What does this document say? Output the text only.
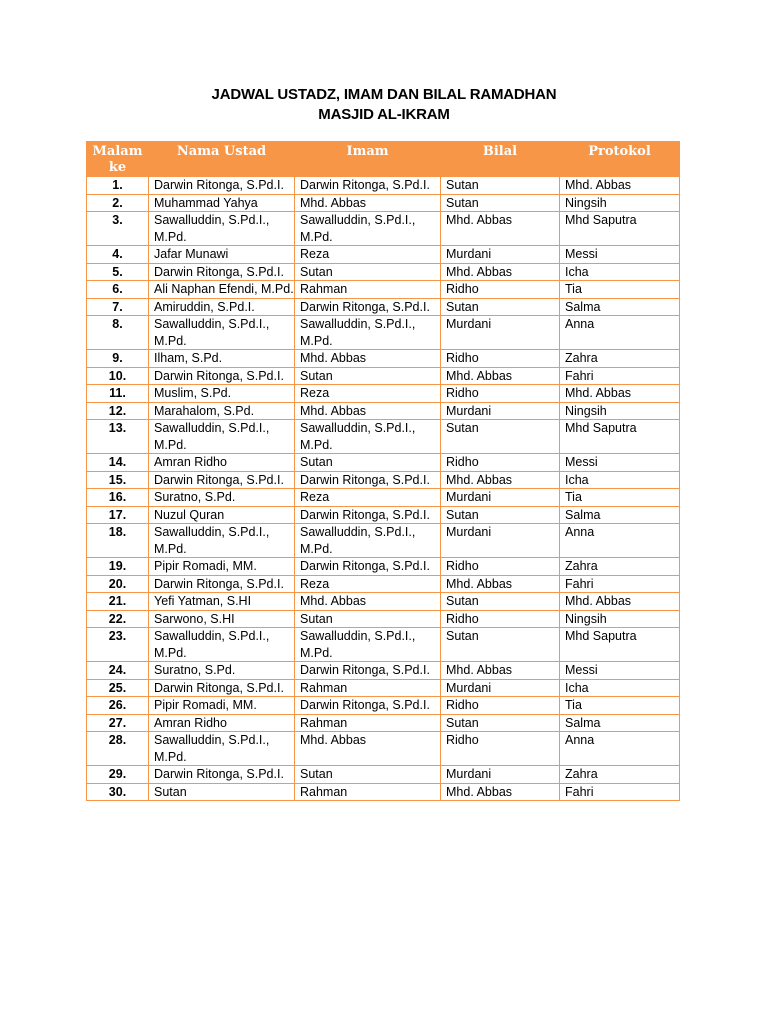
JADWAL USTADZ, IMAM DAN BILAL RAMADHAN
MASJID AL-IKRAM
Malam
ke	Nama Ustad	Imam	Bilal	Protokol
1.	Darwin Ritonga, S.Pd.I.	Darwin Ritonga, S.Pd.I.	Sutan	Mhd. Abbas
2.	Muhammad Yahya	Mhd. Abbas	Sutan	Ningsih
3.	Sawalluddin, S.Pd.I., M.Pd.	Sawalluddin, S.Pd.I., M.Pd.	Mhd. Abbas	Mhd Saputra
4.	Jafar Munawi	Reza	Murdani	Messi
5.	Darwin Ritonga, S.Pd.I.	Sutan	Mhd. Abbas	Icha
6.	Ali Naphan Efendi, M.Pd.	Rahman	Ridho	Tia
7.	Amiruddin, S.Pd.I.	Darwin Ritonga, S.Pd.I.	Sutan	Salma
8.	Sawalluddin, S.Pd.I., M.Pd.	Sawalluddin, S.Pd.I., M.Pd.	Murdani	Anna
9.	Ilham, S.Pd.	Mhd. Abbas	Ridho	Zahra
10.	Darwin Ritonga, S.Pd.I.	Sutan	Mhd. Abbas	Fahri
11.	Muslim, S.Pd.	Reza	Ridho	Mhd. Abbas
12.	Marahalom, S.Pd.	Mhd. Abbas	Murdani	Ningsih
13.	Sawalluddin, S.Pd.I., M.Pd.	Sawalluddin, S.Pd.I., M.Pd.	Sutan	Mhd Saputra
14.	Amran Ridho	Sutan	Ridho	Messi
15.	Darwin Ritonga, S.Pd.I.	Darwin Ritonga, S.Pd.I.	Mhd. Abbas	Icha
16.	Suratno, S.Pd.	Reza	Murdani	Tia
17.	Nuzul Quran	Darwin Ritonga, S.Pd.I.	Sutan	Salma
18.	Sawalluddin, S.Pd.I., M.Pd.	Sawalluddin, S.Pd.I., M.Pd.	Murdani	Anna
19.	Pipir Romadi, MM.	Darwin Ritonga, S.Pd.I.	Ridho	Zahra
20.	Darwin Ritonga, S.Pd.I.	Reza	Mhd. Abbas	Fahri
21.	Yefi Yatman, S.HI	Mhd. Abbas	Sutan	Mhd. Abbas
22.	Sarwono, S.HI	Sutan	Ridho	Ningsih
23.	Sawalluddin, S.Pd.I., M.Pd.	Sawalluddin, S.Pd.I., M.Pd.	Sutan	Mhd Saputra
24.	Suratno, S.Pd.	Darwin Ritonga, S.Pd.I.	Mhd. Abbas	Messi
25.	Darwin Ritonga, S.Pd.I.	Rahman	Murdani	Icha
26.	Pipir Romadi, MM.	Darwin Ritonga, S.Pd.I.	Ridho	Tia
27.	Amran Ridho	Rahman	Sutan	Salma
28.	Sawalluddin, S.Pd.I., M.Pd.	Mhd. Abbas	Ridho	Anna
29.	Darwin Ritonga, S.Pd.I.	Sutan	Murdani	Zahra
30.	Sutan	Rahman	Mhd. Abbas	Fahri
